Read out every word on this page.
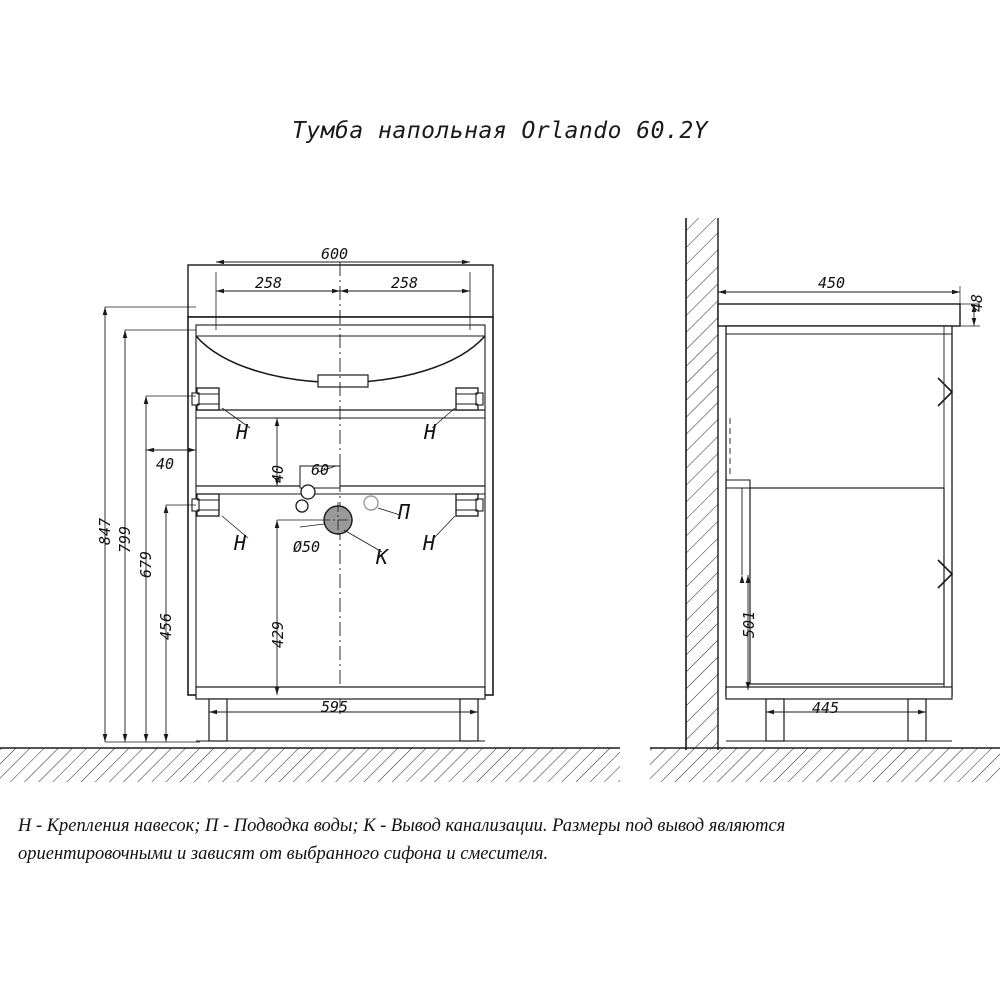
Тумба напольная Orlando 60.2Y
600
258	258
595
847 799
679
456	429
40
40	60
Ø50
Н	Н
Н	Н
П
К
450
48
501
445
Н - Крепления навесок; П - Подводка воды; К - Вывод канализации. Размеры под вывод являются
ориентировочными и зависят от выбранного сифона и смесителя.
